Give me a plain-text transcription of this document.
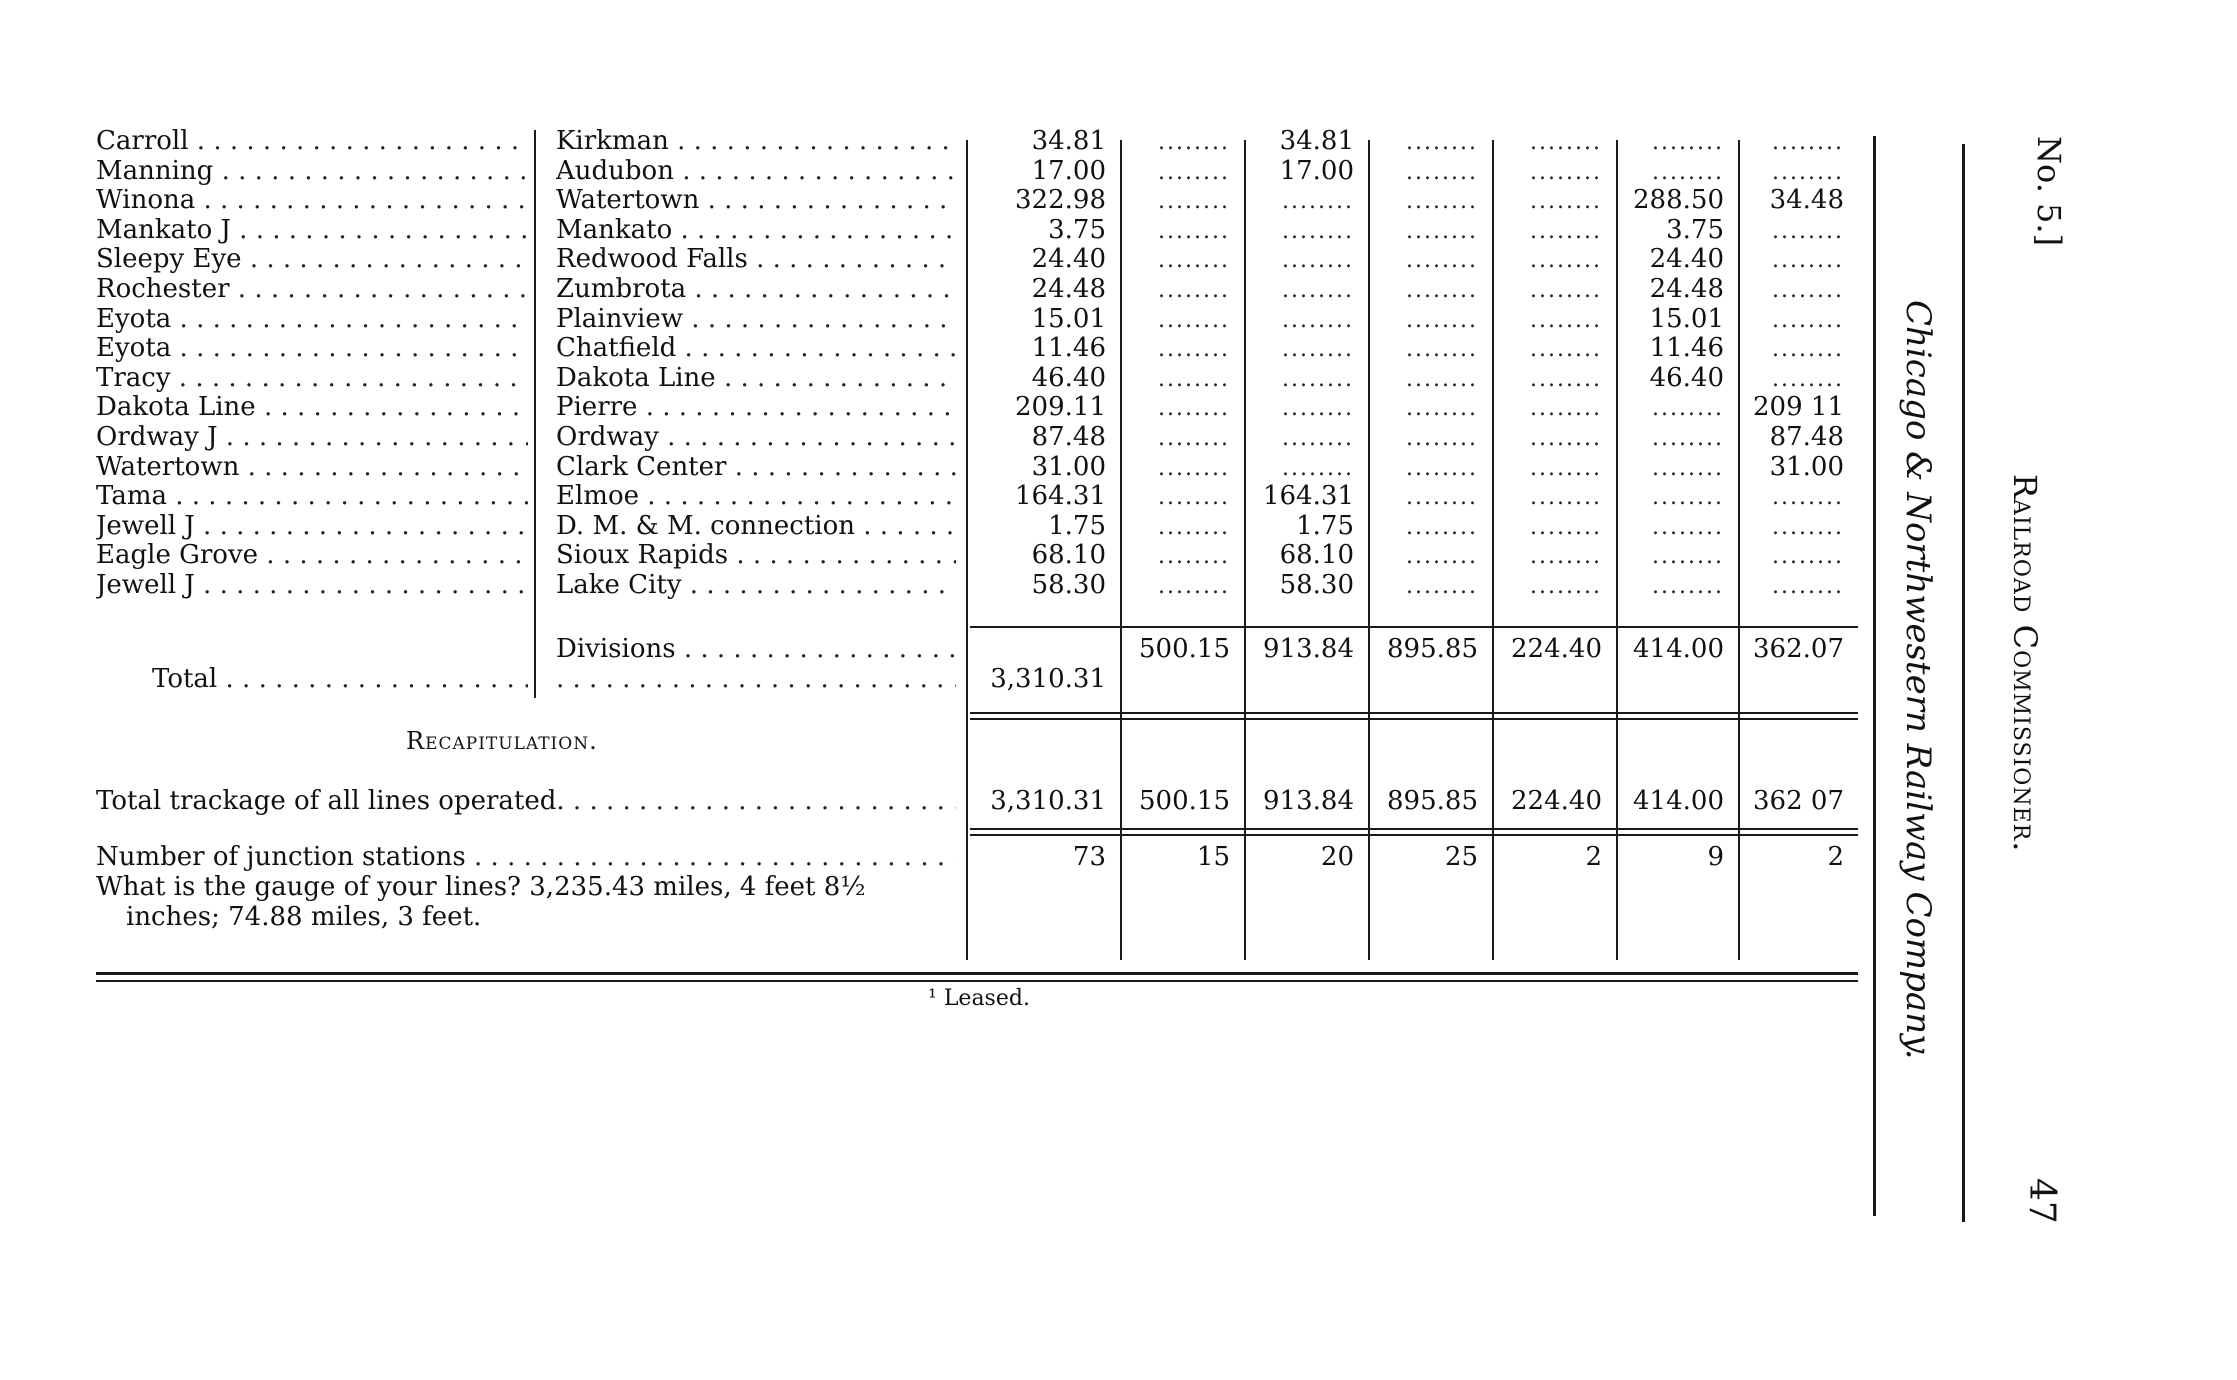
Carroll . . .	Kirkman . . .	34.81	........	34.81	........	........	........	........
Manning . . .	Audubon . . .	17.00	........	17.00	........	........	........	........
Winona . . .	Watertown . . .	322.98	........	........	........	........	288.50	34.48
Mankato J . . .	Mankato . . .	3.75	........	........	........	........	3.75	........
Sleepy Eye . . .	Redwood Falls . . .	24.40	........	........	........	........	24.40	........
Rochester . . .	Zumbrota . . .	24.48	........	........	........	........	24.48	........
Eyota . . .	Plainview . . .	15.01	........	........	........	........	15.01	........
Eyota . . .	Chatfield . . .	11.46	........	........	........	........	11.46	........
Tracy . . .	Dakota Line . . .	46.40	........	........	........	........	46.40	........
Dakota Line . . .	Pierre . . .	209.11	........	........	........	........	........	209 11
Ordway J . . .	Ordway . . .	87.48	........	........	........	........	........	87.48
Watertown . . .	Clark Center . . .	31.00	........	........	........	........	........	31.00
Tama . . .	Elmoe . . .	164.31	........	164.31	........	........	........	........
Jewell J . . .	D. M. & M. connection . . .	1.75	........	1.75	........	........	........	........
Eagle Grove . . .	Sioux Rapids . . .	68.10	........	68.10	........	........	........	........
Jewell J . . .	Lake City . . .	58.30	........	58.30	........	........	........	........
Divisions . . .	500.15	913.84	895.85	224.40	414.00	362.07
Total . . .
. . .	3,310.31
Recapitulation.
Total trackage of all lines operated. . . .	3,310.31	500.15	913.84	895.85	224.40	414.00	362 07
Number of junction stations . . .	73	15	20	25	2	9	2
What is the gauge of your lines? 3,235.43 miles, 4 feet 8½
inches; 74.88 miles, 3 feet.
¹ Leased.	Chicago & Northwestern Railway Company. Railroad Commissioner.
No. 5.]
47
